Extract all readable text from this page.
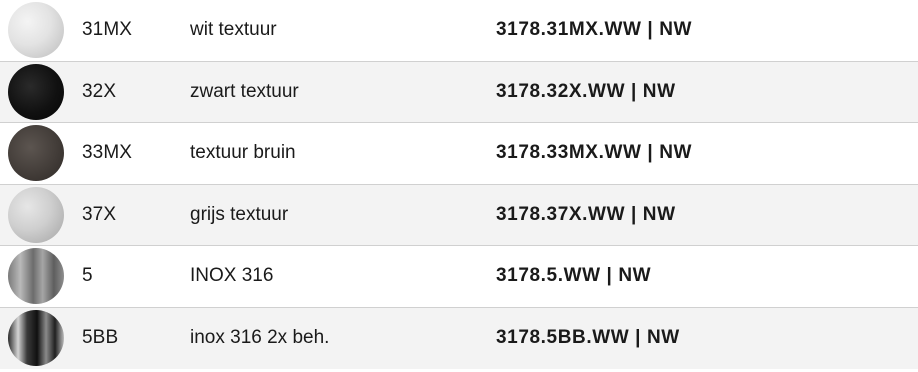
31MX	wit textuur	3178.31MX.WW | NW
32X	zwart textuur	3178.32X.WW | NW
33MX	textuur bruin	3178.33MX.WW | NW
37X	grijs textuur	3178.37X.WW | NW
5	INOX 316	3178.5.WW | NW
5BB	inox 316 2x beh.	3178.5BB.WW | NW
